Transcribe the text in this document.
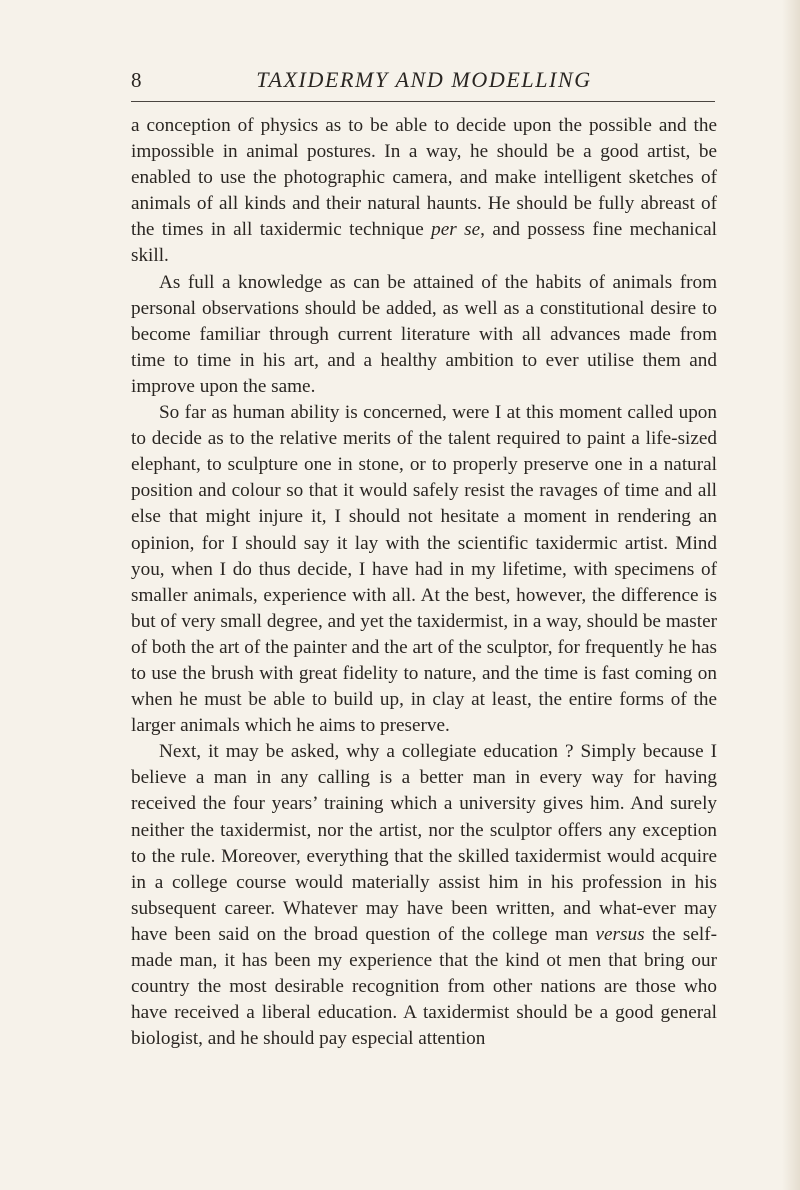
8	TAXIDERMY AND MODELLING

a conception of physics as to be able to decide upon the possible and the impossible in animal postures. In a way, he should be a good artist, be enabled to use the photographic camera, and make intelligent sketches of animals of all kinds and their natural haunts. He should be fully abreast of the times in all taxidermic technique per se, and possess fine mechanical skill.

As full a knowledge as can be attained of the habits of animals from personal observations should be added, as well as a constitutional desire to become familiar through current literature with all advances made from time to time in his art, and a healthy ambition to ever utilise them and improve upon the same.

So far as human ability is concerned, were I at this moment called upon to decide as to the relative merits of the talent required to paint a life-sized elephant, to sculpture one in stone, or to properly preserve one in a natural position and colour so that it would safely resist the ravages of time and all else that might injure it, I should not hesitate a moment in rendering an opinion, for I should say it lay with the scientific taxidermic artist. Mind you, when I do thus decide, I have had in my lifetime, with specimens of smaller animals, experience with all. At the best, however, the difference is but of very small degree, and yet the taxidermist, in a way, should be master of both the art of the painter and the art of the sculptor, for frequently he has to use the brush with great fidelity to nature, and the time is fast coming on when he must be able to build up, in clay at least, the entire forms of the larger animals which he aims to preserve.

Next, it may be asked, why a collegiate education ? Simply because I believe a man in any calling is a better man in every way for having received the four years’ training which a university gives him. And surely neither the taxidermist, nor the artist, nor the sculptor offers any exception to the rule. Moreover, everything that the skilled taxidermist would acquire in a college course would materially assist him in his profession in his subsequent career. Whatever may have been written, and what-ever may have been said on the broad question of the college man versus the self-made man, it has been my experience that the kind ot men that bring our country the most desirable recognition from other nations are those who have received a liberal education. A taxidermist should be a good general biologist, and he should pay especial attention
